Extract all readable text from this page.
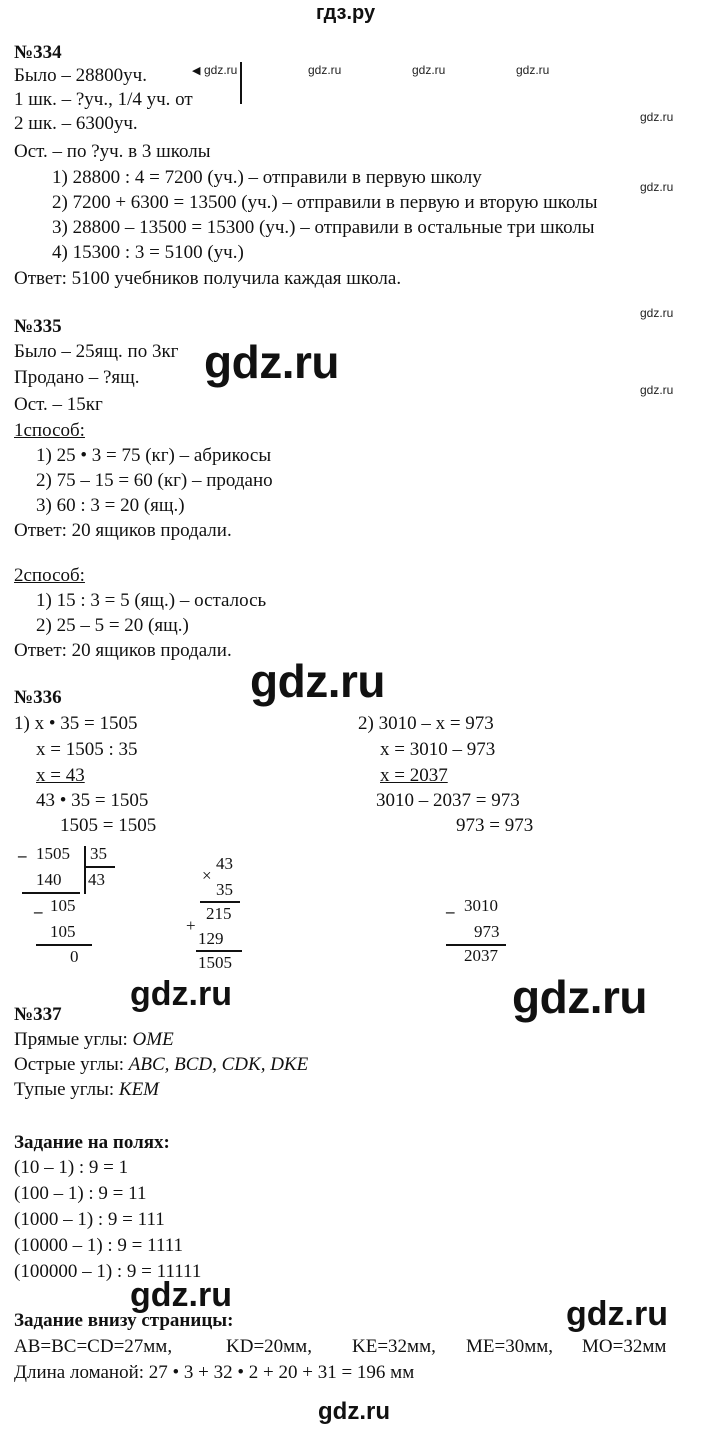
гдз.ру
№334
Было – 28800уч.
1 шк. – ?уч., 1/4 уч. от
2 шк. – 6300уч.
Ост. – по ?уч. в 3 школы
◀
1) 28800 : 4 = 7200 (уч.) – отправили в первую школу
2) 7200 + 6300 = 13500 (уч.) – отправили в первую и вторую школы
3) 28800 – 13500 = 15300 (уч.) – отправили в остальные три школы
4) 15300 : 3 = 5100 (уч.)
Ответ: 5100 учебников получила каждая школа.
№335
Было – 25ящ. по 3кг
Продано – ?ящ.
Ост. – 15кг
1способ:
1) 25 • 3 = 75 (кг) – абрикосы
2) 75 – 15 = 60 (кг) – продано
3) 60 : 3 = 20 (ящ.)
Ответ: 20 ящиков продали.
2способ:
1) 15 : 3 = 5 (ящ.) – осталось
2) 25 – 5 = 20 (ящ.)
Ответ: 20 ящиков продали.
№336
1) x • 35 = 1505
x = 1505 : 35
x = 43
43 • 35 = 1505
1505 = 1505
2) 3010 – x = 973
x = 3010 – 973
x = 2037
3010 – 2037 = 973
973 = 973
– 1505 35
43
140
– 105
105
0
43
×
35
215
+
129
1505
– 3010
973
2037
№337
Прямые углы: OME
Острые углы: ABC, BCD, CDK, DKE
Тупые углы: KEM
Задание на полях:
(10 – 1) : 9 = 1
(100 – 1) : 9 = 11
(1000 – 1) : 9 = 111
(10000 – 1) : 9 = 1111
(100000 – 1) : 9 = 11111
Задание внизу страницы:
AB=BC=CD=27мм,	KD=20мм, KE=32мм, ME=30мм, MO=32мм
Длина ломаной: 27 • 3 + 32 • 2 + 20 + 31 = 196 мм
gdz.ru	gdz.ru	gdz.ru	gdz.ru
gdz.ru
gdz.ru
gdz.ru
gdz.ru
gdz.ru
gdz.ru
gdz.ru	gdz.ru
gdz.ru	gdz.ru
gdz.ru
